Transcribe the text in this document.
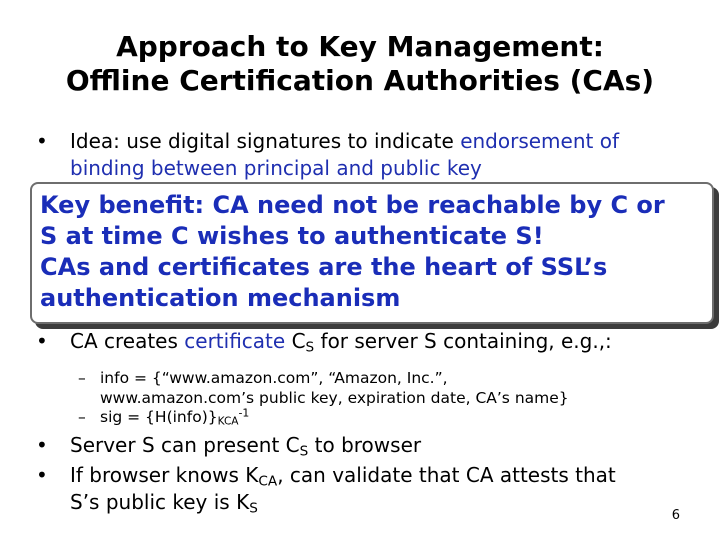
Approach to Key Management:
Offline Certification Authorities (CAs)
• Idea: use digital signatures to indicate endorsement of
binding between principal and public key

Key benefit: CA need not be reachable by C or

S at time C wishes to authenticate S!

CAs and certificates are the heart of SSL’s

authentication mechanism

• CA creates certificate $C_S$ for server S containing, e.g.,:
– info = {“www.amazon.com”, “Amazon, Inc.”,
www.amazon.com’s public key, expiration date, CA’s name}
– sig = $\{H(info)\}_{KCA}^{-1}$
• Server S can present $C_S$ to browser
• If browser knows $K_{CA}$, can validate that CA attests that
S’s public key is $K_S$	6
